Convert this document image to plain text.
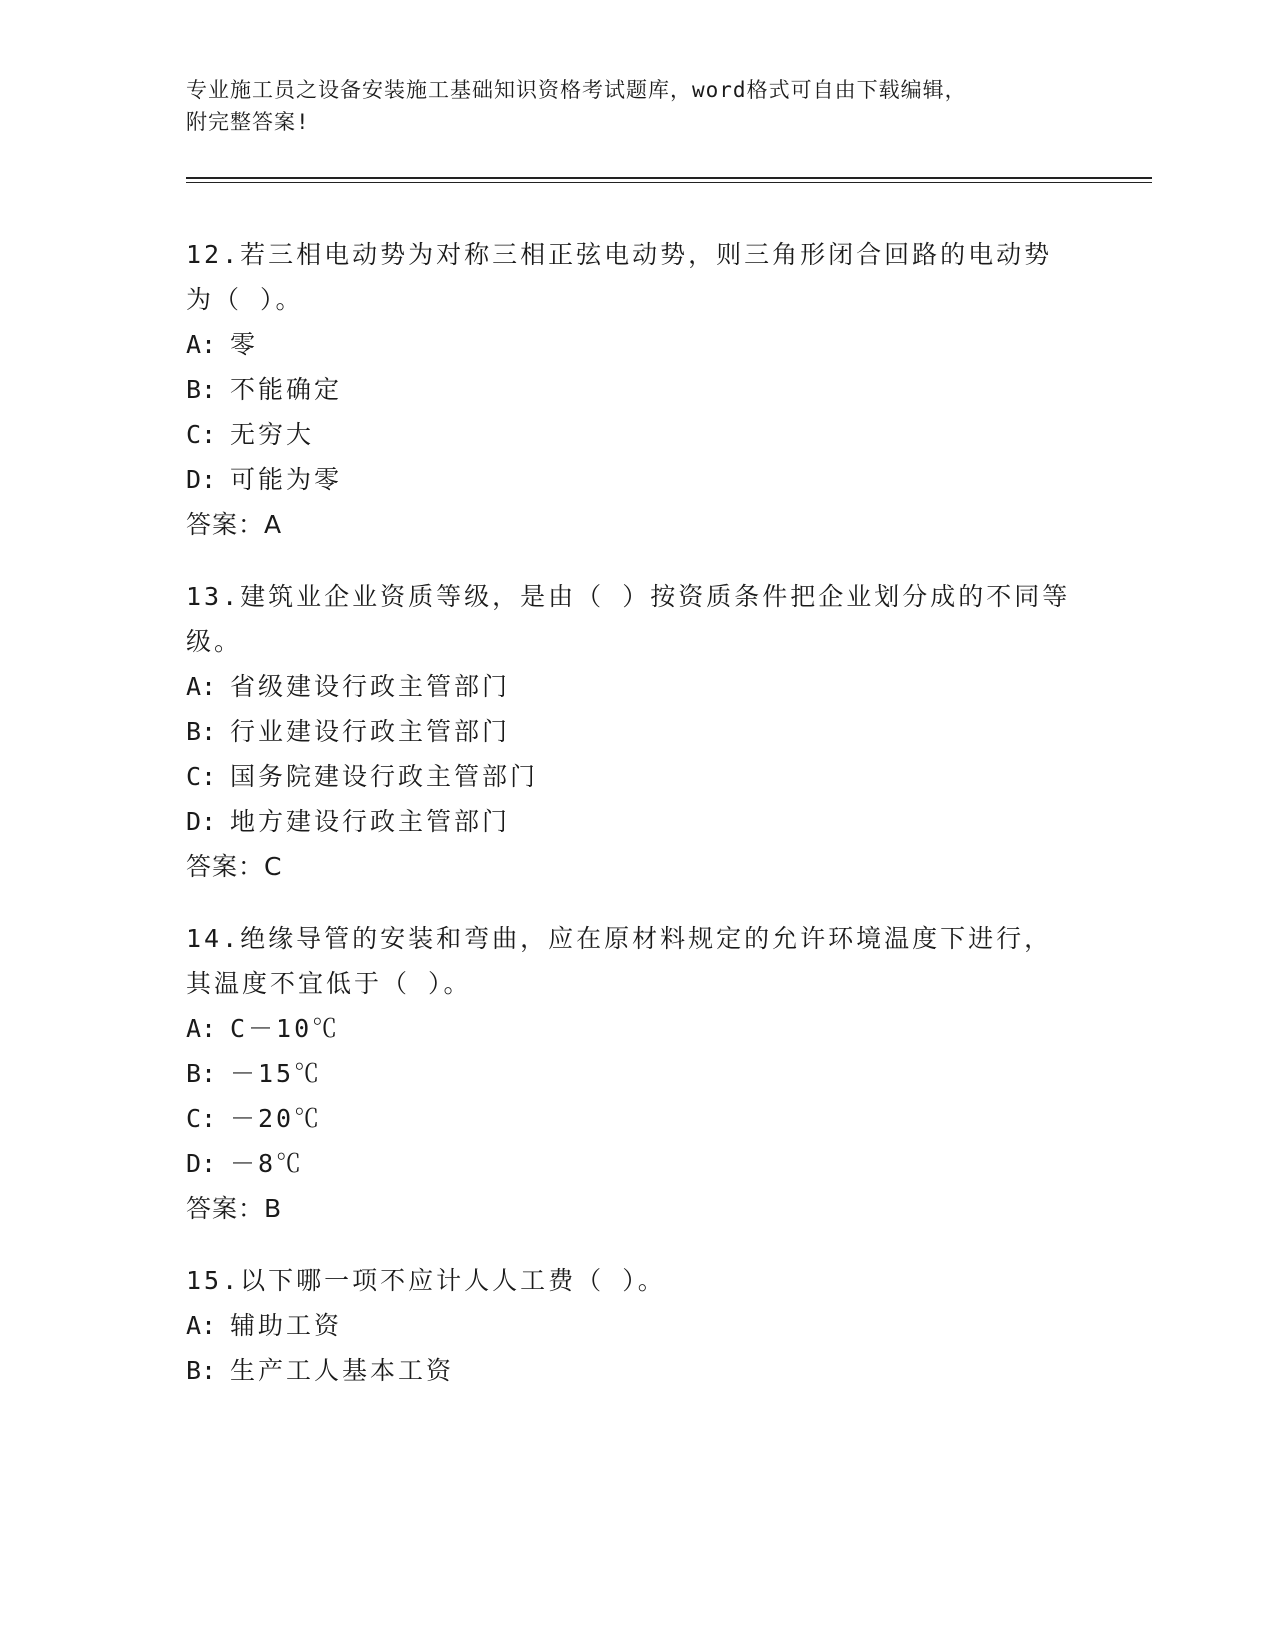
专业施工员之设备安装施工基础知识资格考试题库，word格式可自由下载编辑，
附完整答案!
12.若三相电动势为对称三相正弦电动势，则三角形闭合回路的电动势为（ ）。
A: 零
B: 不能确定
C: 无穷大
D: 可能为零
答案：A
13.建筑业企业资质等级，是由（ ）按资质条件把企业划分成的不同等级。
A: 省级建设行政主管部门
B: 行业建设行政主管部门
C: 国务院建设行政主管部门
D: 地方建设行政主管部门
答案：C
14.绝缘导管的安装和弯曲，应在原材料规定的允许环境温度下进行，其温度不宜低于（ ）。
A: C－10℃
B: －15℃
C: －20℃
D: －8℃
答案：B
15.以下哪一项不应计人人工费（ ）。
A: 辅助工资
B: 生产工人基本工资
